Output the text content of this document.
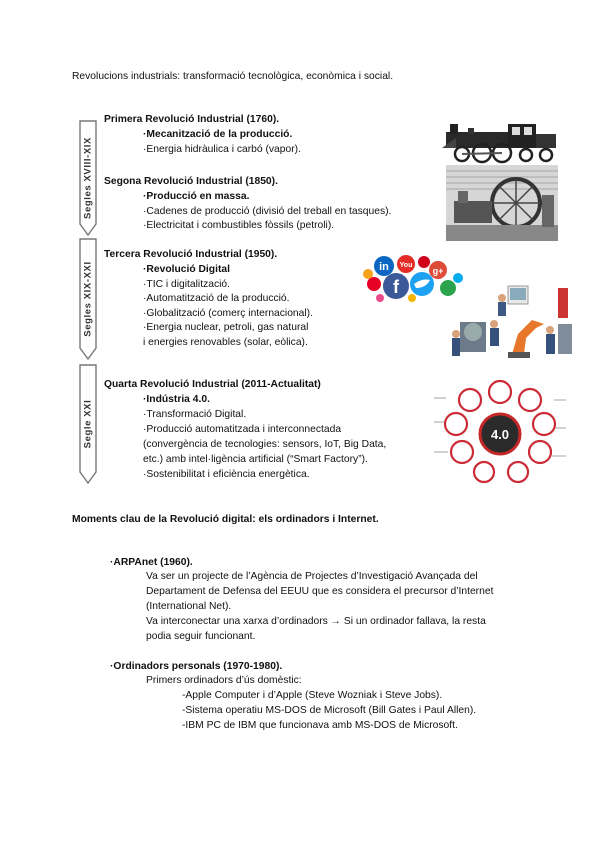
Revolucions industrials: transformació tecnològica, econòmica i social.
Segles XVIII-XIX
Segles XIX-XXI
Segle XXI
Primera Revolució Industrial (1760).
·Mecanització de la producció.
·Energia hidràulica i carbó (vapor).
Segona Revolució Industrial (1850).
·Producció en massa.
·Cadenes de producció (divisió del treball en tasques).
·Electricitat i combustibles fòssils (petroli).
Tercera Revolució Industrial (1950).
·Revolució Digital
·TIC i digitalització.
·Automatització de la producció.
·Globalització (comerç internacional).
·Energia nuclear, petroli, gas natural
i energies renovables (solar, eòlica).
Quarta Revolució Industrial (2011-Actualitat)
·Indústria 4.0.
·Transformació Digital.
·Producció automatitzada i interconnectada
(convergència de tecnologies: sensors, IoT, Big Data,
etc.) amb intel·ligència artificial (“Smart Factory”).
·Sostenibilitat i eficiència energètica.
in You
g+
f
4.0
Moments clau de la Revolució digital: els ordinadors i Internet.
·ARPAnet (1960).
Va ser un projecte de l’Agència de Projectes d’Investigació Avançada del
Departament de Defensa del EEUU que es considera el precursor d’Internet
(International Net).
Va interconectar una xarxa d’ordinadors → Si un ordinador fallava, la resta
podia seguir funcionant.
·Ordinadors personals (1970-1980).
Primers ordinadors d’ús domèstic:
-Apple Computer i d’Apple (Steve Wozniak i Steve Jobs).
-Sistema operatiu MS-DOS de Microsoft (Bill Gates i Paul Allen).
-IBM PC de IBM que funcionava amb MS-DOS de Microsoft.
